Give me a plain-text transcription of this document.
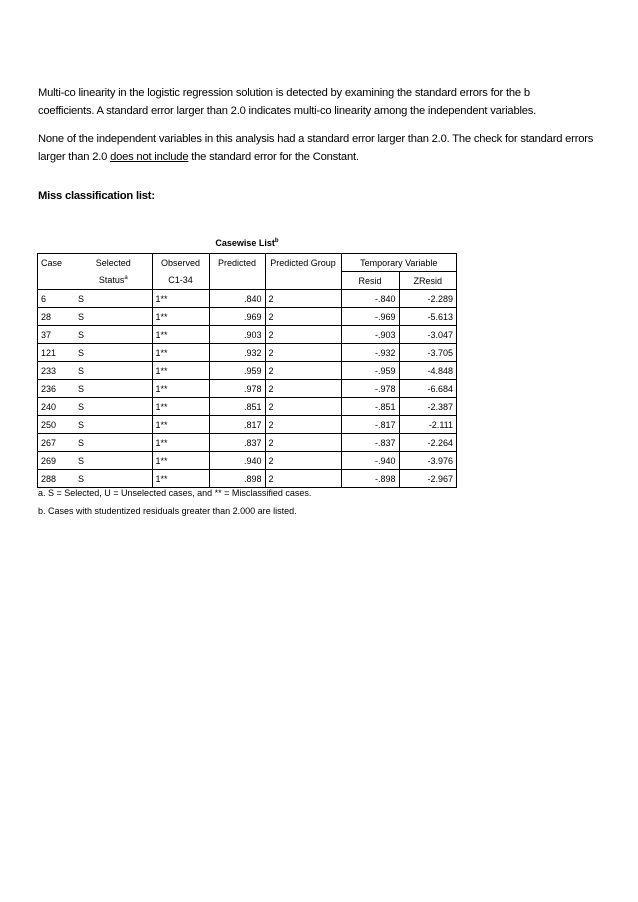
Multi-co linearity in the logistic regression solution is detected by examining the standard errors for the b
coefficients. A standard error larger than 2.0 indicates multi-co linearity among the independent variables.
None of the independent variables in this analysis had a standard error larger than 2.0. The check for standard errors
larger than 2.0 does not include the standard error for the Constant.
Miss classification list:
Casewise List$^b$
Case	Selected	Observed	Predicted	Predicted Group	Temporary Variable	
	Status$^a$	C1-34			Resid	ZResid
6	S	1**	.840	2	-.840	-2.289
28	S	1**	.969	2	-.969	-5.613
37	S	1**	.903	2	-.903	-3.047
121	S	1**	.932	2	-.932	-3.705
233	S	1**	.959	2	-.959	-4.848
236	S	1**	.978	2	-.978	-6.684
240	S	1**	.851	2	-.851	-2.387
250	S	1**	.817	2	-.817	-2.111
267	S	1**	.837	2	-.837	-2.264
269	S	1**	.940	2	-.940	-3.976
288	S	1**	.898	2	-.898	-2.967
a. S = Selected, U = Unselected cases, and ** = Misclassified cases.
b. Cases with studentized residuals greater than 2.000 are listed.
